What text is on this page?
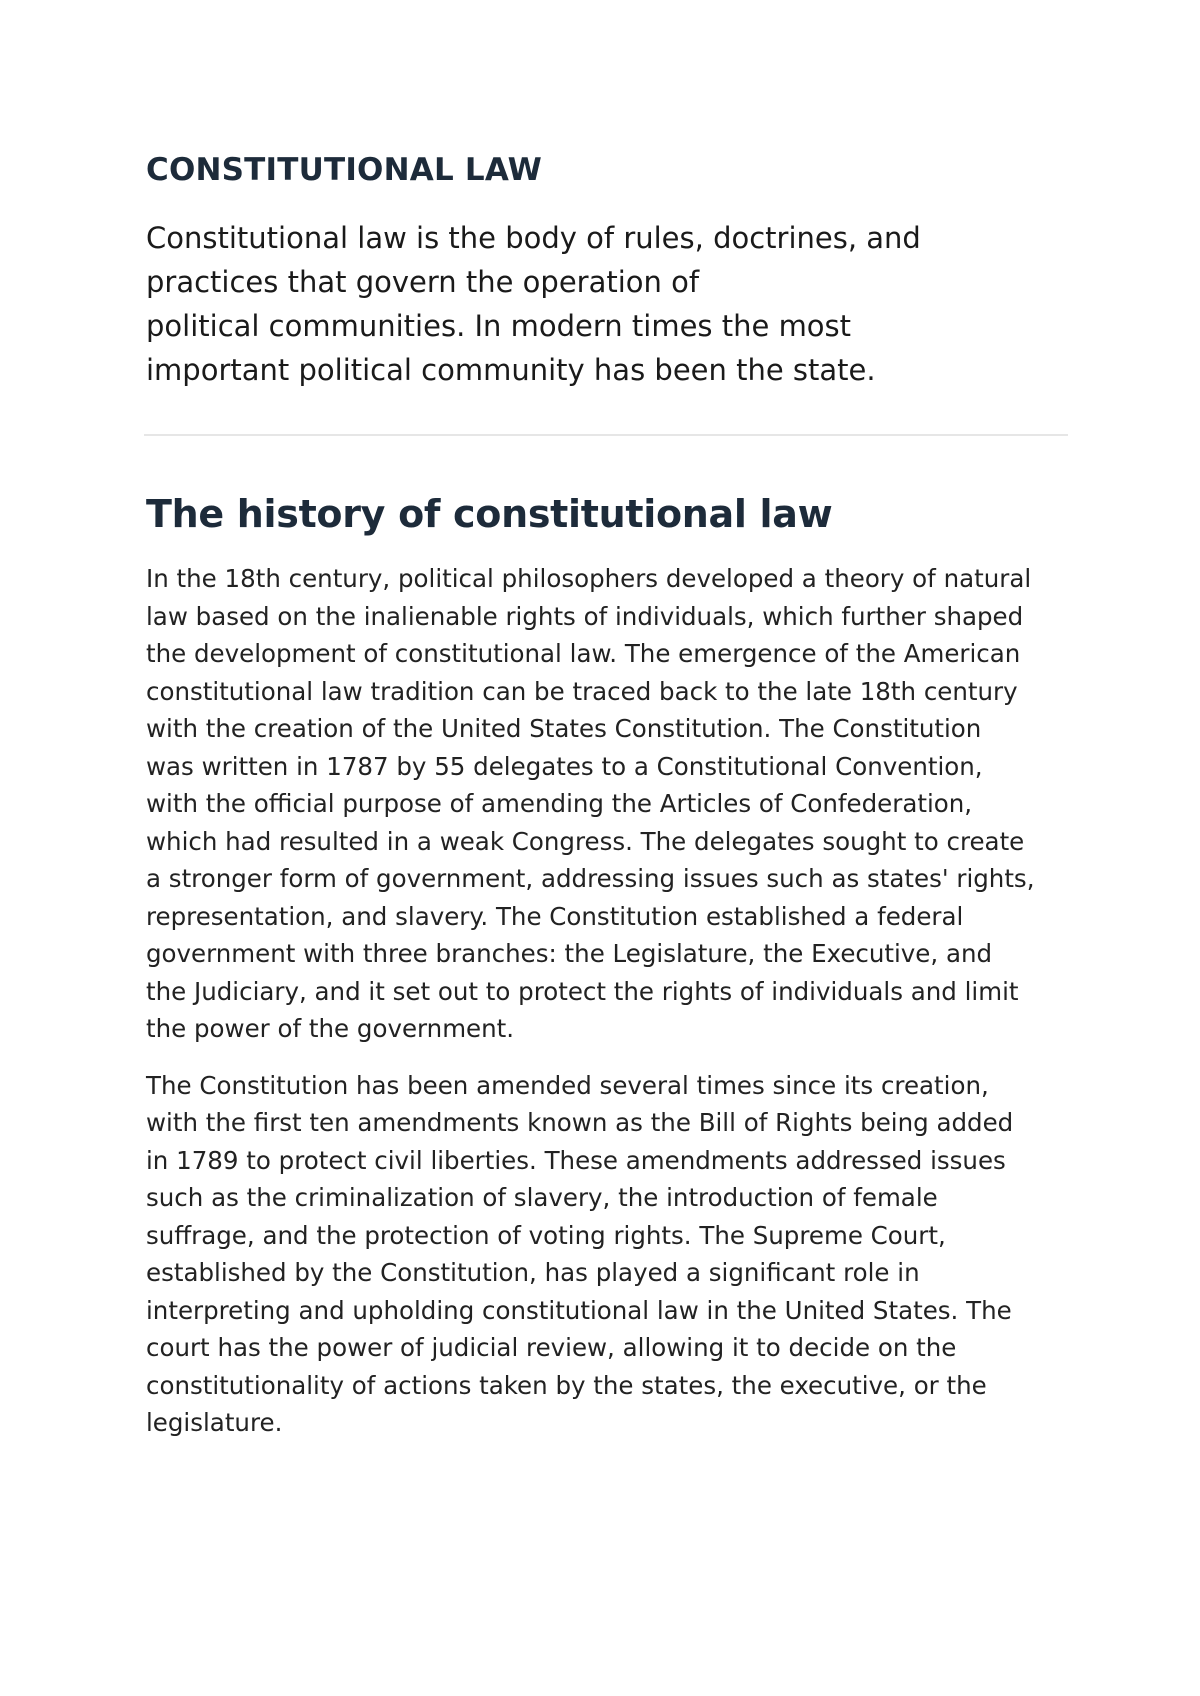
CONSTITUTIONAL LAW

Constitutional law is the body of rules, doctrines, and
practices that govern the operation of
political communities. In modern times the most
important political community has been the state.

The history of constitutional law

In the 18th century, political philosophers developed a theory of natural
law based on the inalienable rights of individuals, which further shaped
the development of constitutional law. The emergence of the American
constitutional law tradition can be traced back to the late 18th century
with the creation of the United States Constitution. The Constitution
was written in 1787 by 55 delegates to a Constitutional Convention,
with the official purpose of amending the Articles of Confederation,
which had resulted in a weak Congress. The delegates sought to create
a stronger form of government, addressing issues such as states' rights,
representation, and slavery. The Constitution established a federal
government with three branches: the Legislature, the Executive, and
the Judiciary, and it set out to protect the rights of individuals and limit
the power of the government.

The Constitution has been amended several times since its creation,
with the first ten amendments known as the Bill of Rights being added
in 1789 to protect civil liberties. These amendments addressed issues
such as the criminalization of slavery, the introduction of female
suffrage, and the protection of voting rights. The Supreme Court,
established by the Constitution, has played a significant role in
interpreting and upholding constitutional law in the United States. The
court has the power of judicial review, allowing it to decide on the
constitutionality of actions taken by the states, the executive, or the
legislature.
